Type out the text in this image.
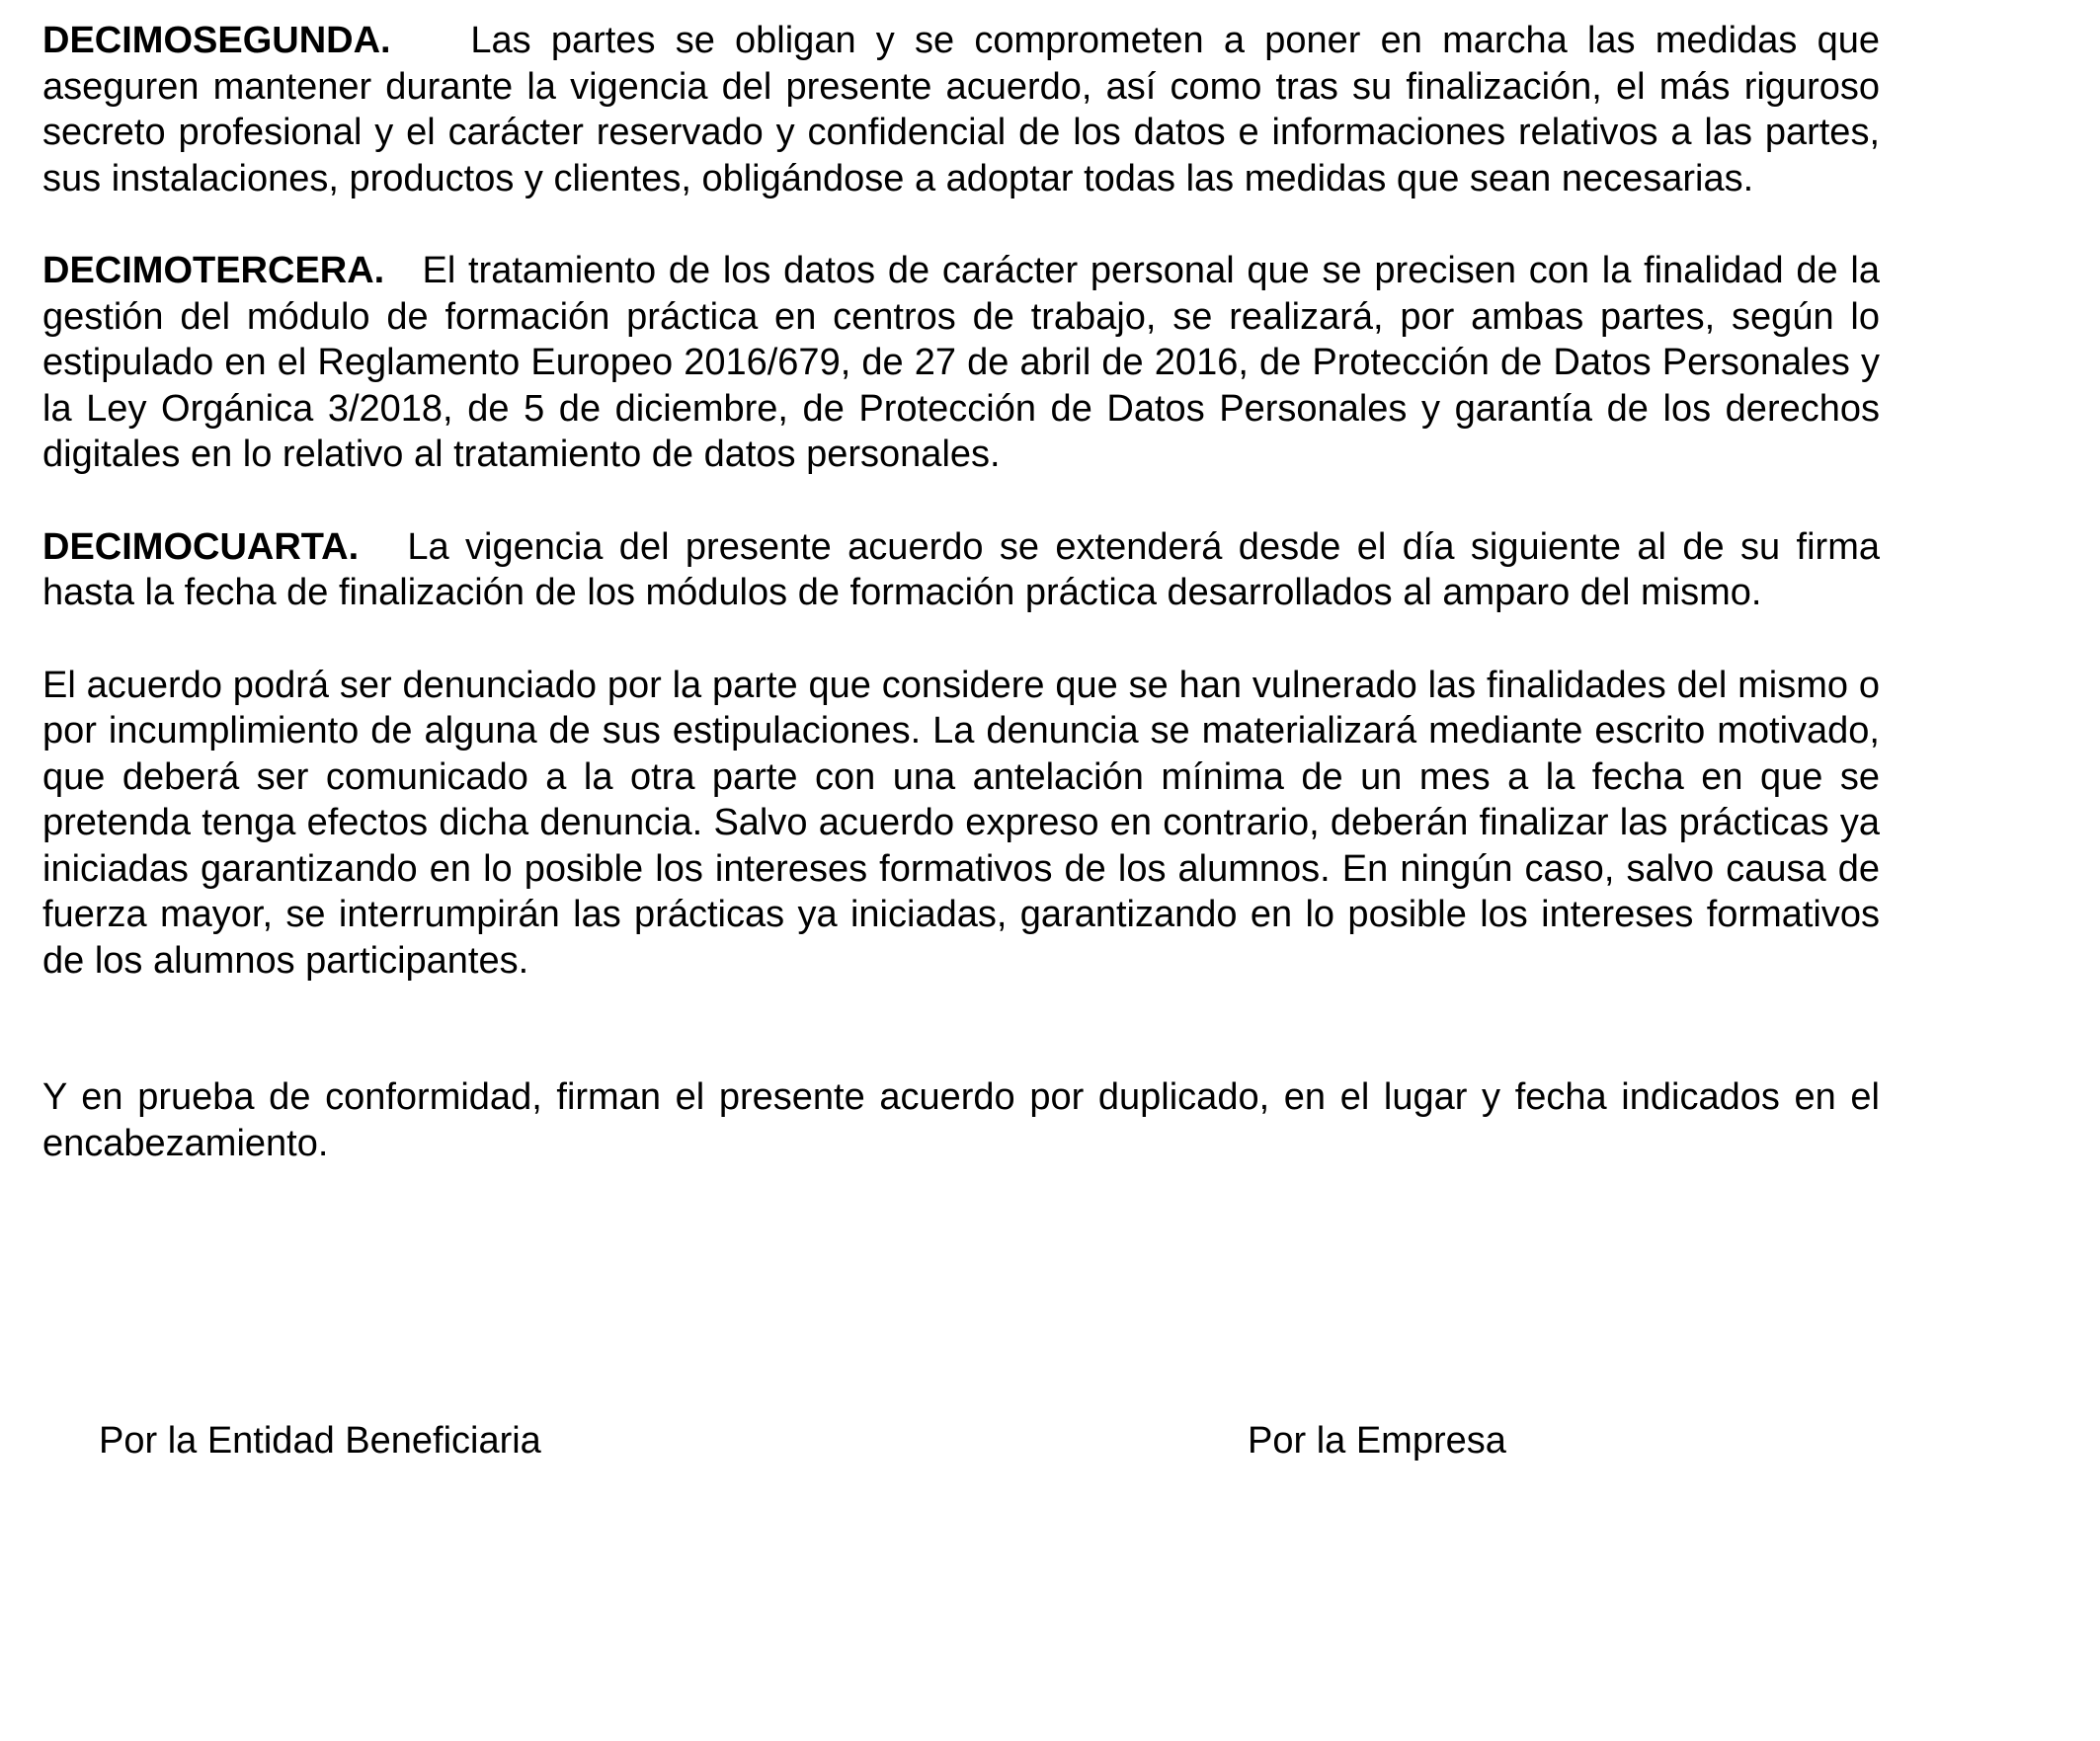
DECIMOSEGUNDA. Las partes se obligan y se comprometen a poner en marcha las medidas que aseguren mantener durante la vigencia del presente acuerdo, así como tras su finalización, el más riguroso secreto profesional y el carácter reservado y confidencial de los datos e informaciones relativos a las partes, sus instalaciones, productos y clientes, obligándose a adoptar todas las medidas que sean necesarias.

DECIMOTERCERA. El tratamiento de los datos de carácter personal que se precisen con la finalidad de la gestión del módulo de formación práctica en centros de trabajo, se realizará, por ambas partes, según lo estipulado en el Reglamento Europeo 2016/679, de 27 de abril de 2016, de Protección de Datos Personales y la Ley Orgánica 3/2018, de 5 de diciembre, de Protección de Datos Personales y garantía de los derechos digitales en lo relativo al tratamiento de datos personales.

DECIMOCUARTA. La vigencia del presente acuerdo se extenderá desde el día siguiente al de su firma hasta la fecha de finalización de los módulos de formación práctica desarrollados al amparo del mismo.

El acuerdo podrá ser denunciado por la parte que considere que se han vulnerado las finalidades del mismo o por incumplimiento de alguna de sus estipulaciones. La denuncia se materializará mediante escrito motivado, que deberá ser comunicado a la otra parte con una antelación mínima de un mes a la fecha en que se pretenda tenga efectos dicha denuncia. Salvo acuerdo expreso en contrario, deberán finalizar las prácticas ya iniciadas garantizando en lo posible los intereses formativos de los alumnos. En ningún caso, salvo causa de fuerza mayor, se interrumpirán las prácticas ya iniciadas, garantizando en lo posible los intereses formativos de los alumnos participantes.

Y en prueba de conformidad, firman el presente acuerdo por duplicado, en el lugar y fecha indicados en el encabezamiento.

Por la Entidad Beneficiaria	Por la Empresa
